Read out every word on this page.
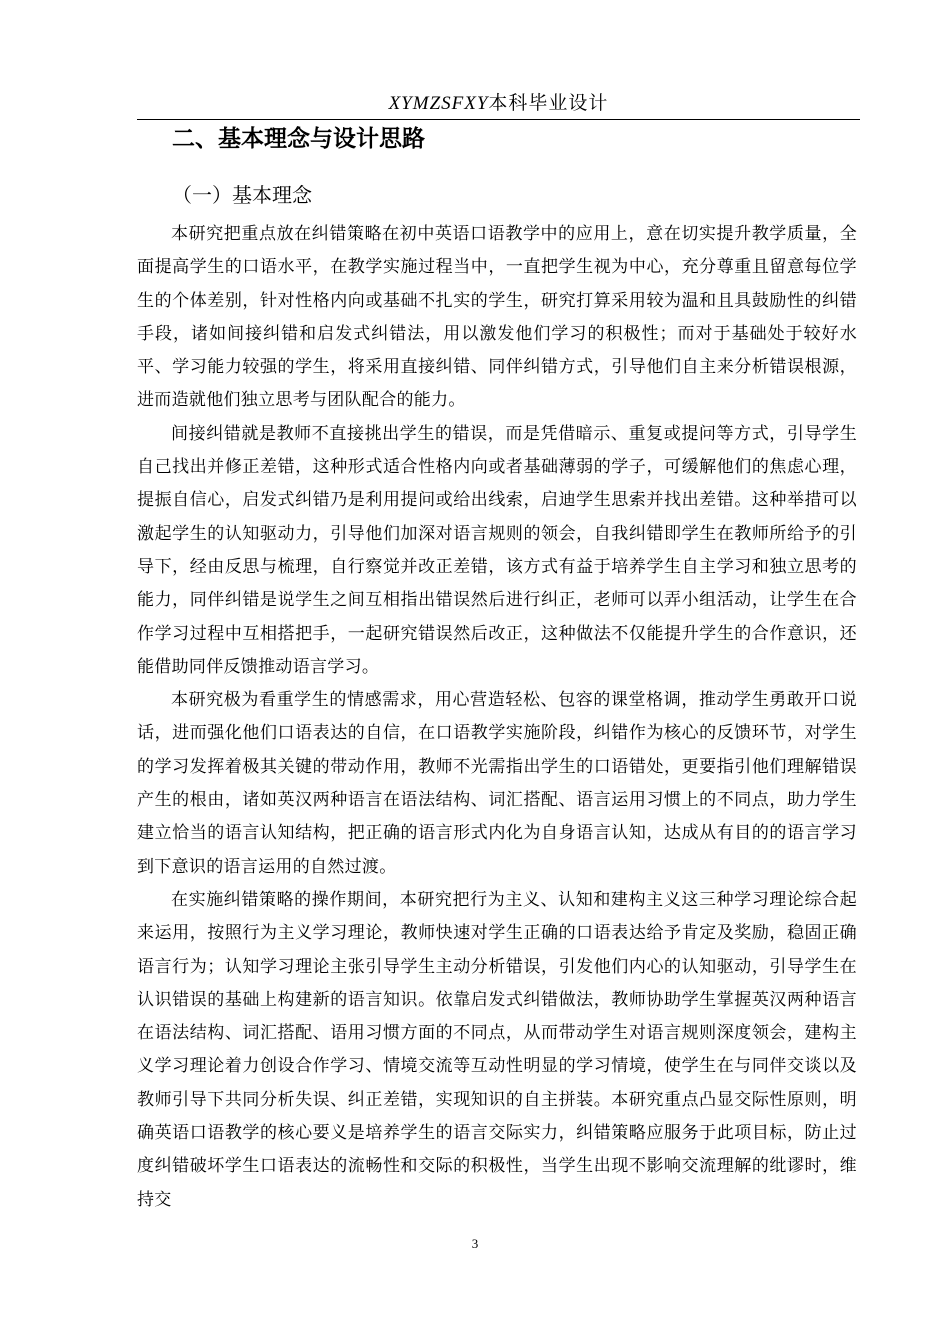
XYMZSFXY本科毕业设计
二、基本理念与设计思路
（一）基本理念

本研究把重点放在纠错策略在初中英语口语教学中的应用上，意在切实提升教学质量，全面提高学生的口语水平，在教学实施过程当中，一直把学生视为中心，充分尊重且留意每位学生的个体差别，针对性格内向或基础不扎实的学生，研究打算采用较为温和且具鼓励性的纠错手段，诸如间接纠错和启发式纠错法，用以激发他们学习的积极性；而对于基础处于较好水平、学习能力较强的学生，将采用直接纠错、同伴纠错方式，引导他们自主来分析错误根源，进而造就他们独立思考与团队配合的能力。

间接纠错就是教师不直接挑出学生的错误，而是凭借暗示、重复或提问等方式，引导学生自己找出并修正差错，这种形式适合性格内向或者基础薄弱的学子，可缓解他们的焦虑心理，提振自信心，启发式纠错乃是利用提问或给出线索，启迪学生思索并找出差错。这种举措可以激起学生的认知驱动力，引导他们加深对语言规则的领会，自我纠错即学生在教师所给予的引导下，经由反思与梳理，自行察觉并改正差错，该方式有益于培养学生自主学习和独立思考的能力，同伴纠错是说学生之间互相指出错误然后进行纠正，老师可以弄小组活动，让学生在合作学习过程中互相搭把手，一起研究错误然后改正，这种做法不仅能提升学生的合作意识，还能借助同伴反馈推动语言学习。

本研究极为看重学生的情感需求，用心营造轻松、包容的课堂格调，推动学生勇敢开口说话，进而强化他们口语表达的自信，在口语教学实施阶段，纠错作为核心的反馈环节，对学生的学习发挥着极其关键的带动作用，教师不光需指出学生的口语错处，更要指引他们理解错误产生的根由，诸如英汉两种语言在语法结构、词汇搭配、语言运用习惯上的不同点，助力学生建立恰当的语言认知结构，把正确的语言形式内化为自身语言认知，达成从有目的的语言学习到下意识的语言运用的自然过渡。

在实施纠错策略的操作期间，本研究把行为主义、认知和建构主义这三种学习理论综合起来运用，按照行为主义学习理论，教师快速对学生正确的口语表达给予肯定及奖励，稳固正确语言行为；认知学习理论主张引导学生主动分析错误，引发他们内心的认知驱动，引导学生在认识错误的基础上构建新的语言知识。依靠启发式纠错做法，教师协助学生掌握英汉两种语言在语法结构、词汇搭配、语用习惯方面的不同点，从而带动学生对语言规则深度领会，建构主义学习理论着力创设合作学习、情境交流等互动性明显的学习情境，使学生在与同伴交谈以及教师引导下共同分析失误、纠正差错，实现知识的自主拼装。本研究重点凸显交际性原则，明确英语口语教学的核心要义是培养学生的语言交际实力，纠错策略应服务于此项目标，防止过度纠错破坏学生口语表达的流畅性和交际的积极性，当学生出现不影响交流理解的纰谬时，维持交

3
